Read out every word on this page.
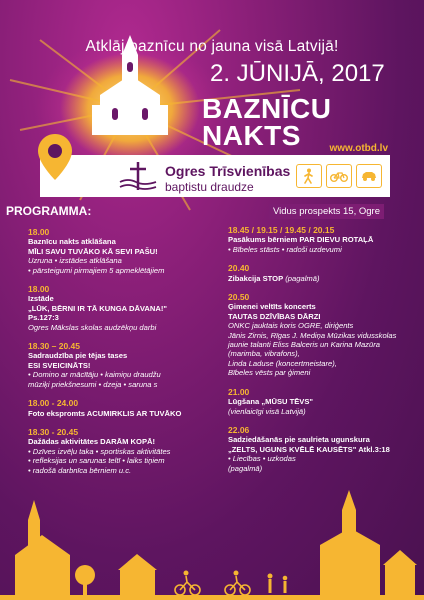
Atklāj baznīcu no jauna visā Latvijā!
2. JŪNIJĀ, 2017
BAZNĪCU
NAKTS	www.otbd.lv
Ogres Trīsvienības
baptistu draudze
PROGRAMMA:	Vidus prospekts 15, Ogre
18.00
Baznīcu nakts atklāšana
MĪLI SAVU TUVĀKO KĀ SEVI PAŠU!
Uzruna • izstādes atklāšana
• pārsteigumi pirmajiem 5 apmeklētājiem
18.00
Izstāde
„LŪK, BĒRNI IR TĀ KUNGA DĀVANA!"
Ps.127:3
Ogres Mākslas skolas audzēkņu darbi
18.30 – 20.45
Sadraudzība pie tējas tases
ESI SVEICINĀTS!
• Domino ar mācītāju • kaimiņu draudžu
mūziķi priekšnesumi • dzeja • saruna s
18.00 - 24.00
Foto ekspromts ACUMIRKLIS AR TUVĀKO
18.30 - 20.45
Dažādas aktivitātes DARĀM KOPĀ!
• Dzīves izvēļu taka • sportiskas aktivitātes
• refleksijas un sarunas teltī • laiks tiņiem
• radošā darbnīca bērniem u.c.
18.45 / 19.15 / 19.45 / 20.15
Pasākums bērniem PAR DIEVU ROTAĻĀ
• Bībeles stāsts • radoši uzdevumi
20.40
Zibakcija STOP (pagalmā)
20.50
Ģimenei veltīts koncerts
TAUTAS DZĪVĪBAS DĀRZI
ONKC jauktais koris OGRE, diriģents
Jānis Zirnis, Rīgas J. Mediņa Mūzikas vidusskolas
jaunie talanti Eliss Balceris un Karina Mazūra
(marimba, vibrafons),
Linda Laduse (koncertmeistare),
Bībeles vēsts par ģimeni
21.00
Lūgšana „MŪSU TĒVS"
(vienlaicīgi visā Latvijā)
22.06
Sadziedāšanās pie saulrieta ugunskura
„ZELTS, UGUNS KVĒLĒ KAUSĒTS" Atkl.3:18
• Liecības • uzkodas
(pagalmā)
